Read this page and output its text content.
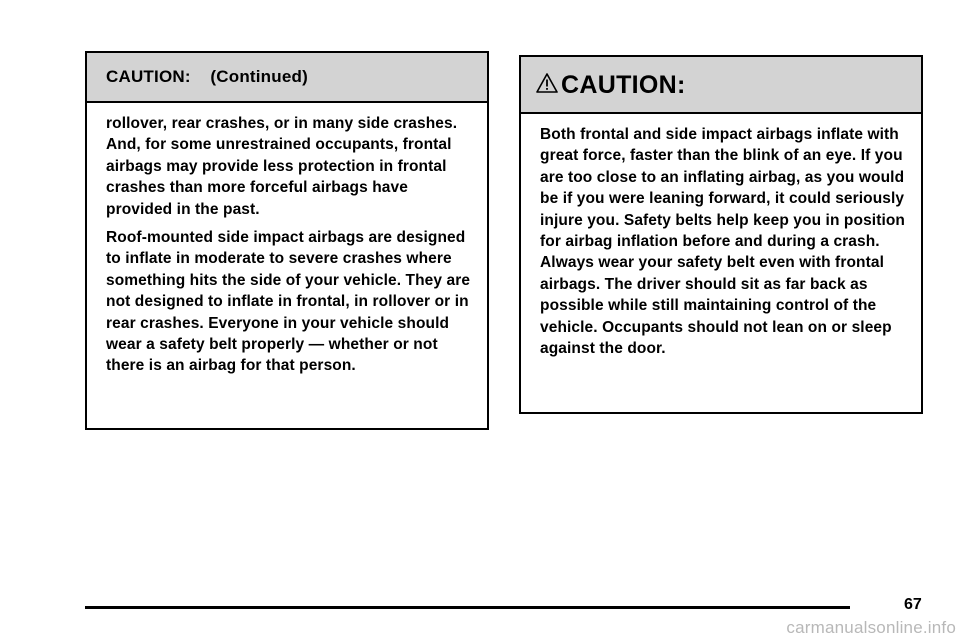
CAUTION:    (Continued)

rollover, rear crashes, or in many side crashes. And, for some unrestrained occupants, frontal airbags may provide less protection in frontal crashes than more forceful airbags have provided in the past.

Roof-mounted side impact airbags are designed to inflate in moderate to severe crashes where something hits the side of your vehicle. They are not designed to inflate in frontal, in rollover or in rear crashes. Everyone in your vehicle should wear a safety belt properly — whether or not there is an airbag for that person.

CAUTION:

Both frontal and side impact airbags inflate with great force, faster than the blink of an eye. If you are too close to an inflating airbag, as you would be if you were leaning forward, it could seriously injure you. Safety belts help keep you in position for airbag inflation before and during a crash. Always wear your safety belt even with frontal airbags. The driver should sit as far back as possible while still maintaining control of the vehicle. Occupants should not lean on or sleep against the door.

67
carmanualsonline.info
